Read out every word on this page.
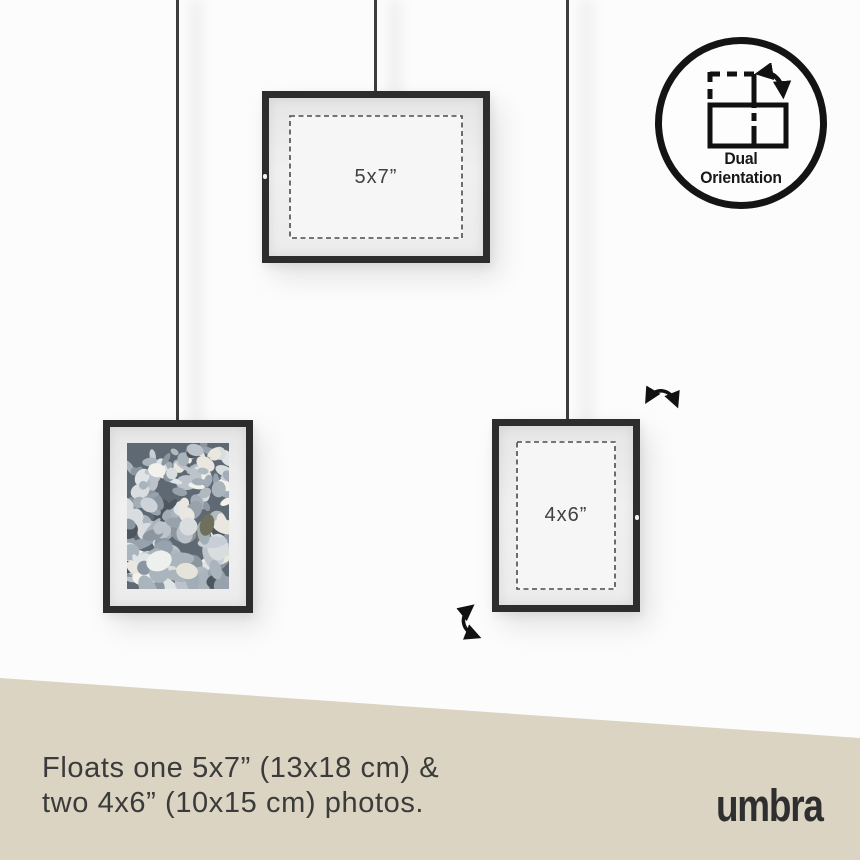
5x7”
4x6”
Dual
Orientation
Floats one 5x7” (13x18 cm) &
two 4x6” (10x15 cm) photos.	umbra
